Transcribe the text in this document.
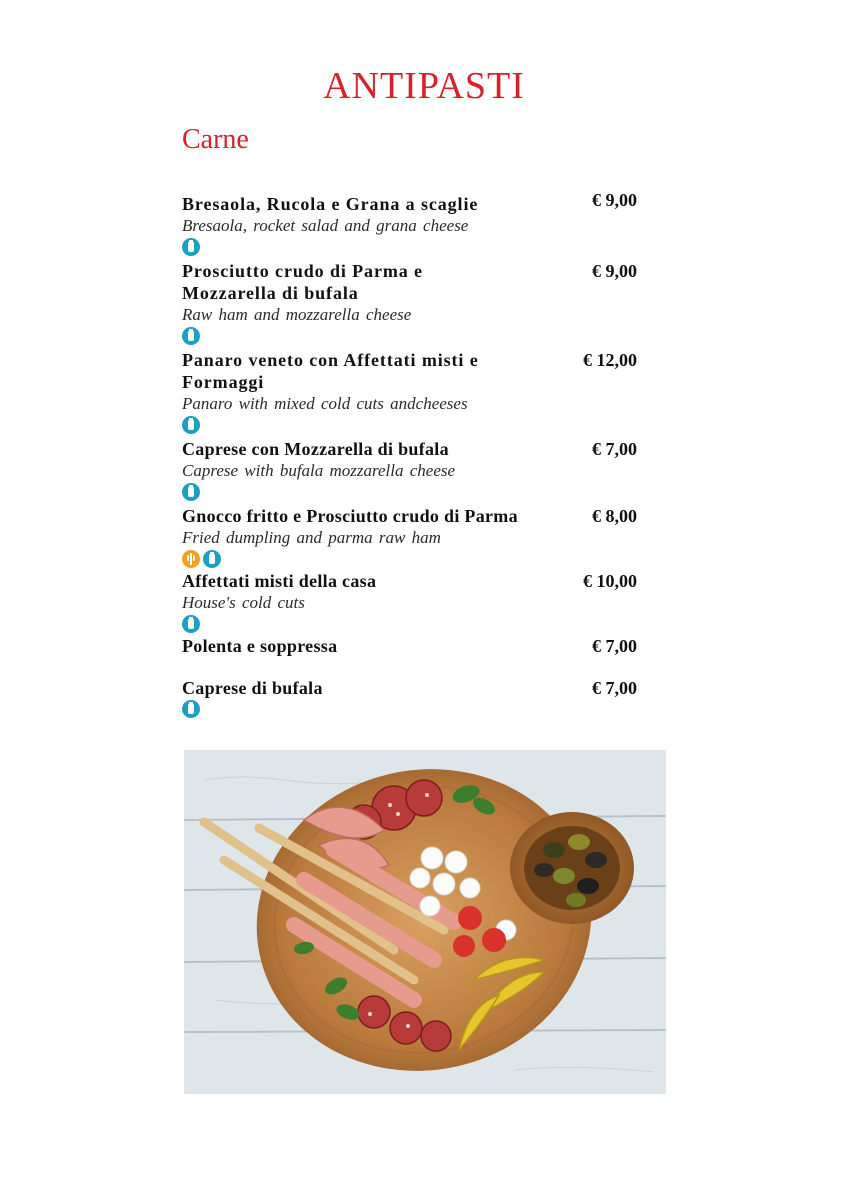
ANTIPASTI
Carne
Bresaola, Rucola e Grana a scaglie
Bresaola, rocket salad and grana cheese
€ 9,00
Prosciutto crudo di Parma e Mozzarella di bufala
Raw ham and mozzarella cheese
€ 9,00
Panaro veneto con Affettati misti e Formaggi
Panaro with mixed cold cuts andcheeses
€ 12,00
Caprese con Mozzarella di bufala
Caprese with bufala mozzarella cheese
€ 7,00
Gnocco fritto e Prosciutto crudo di Parma
Fried dumpling and parma raw ham
€ 8,00
Affettati misti della casa
House's cold cuts
€ 10,00
Polenta e soppressa	€ 7,00
Caprese di bufala	€ 7,00
